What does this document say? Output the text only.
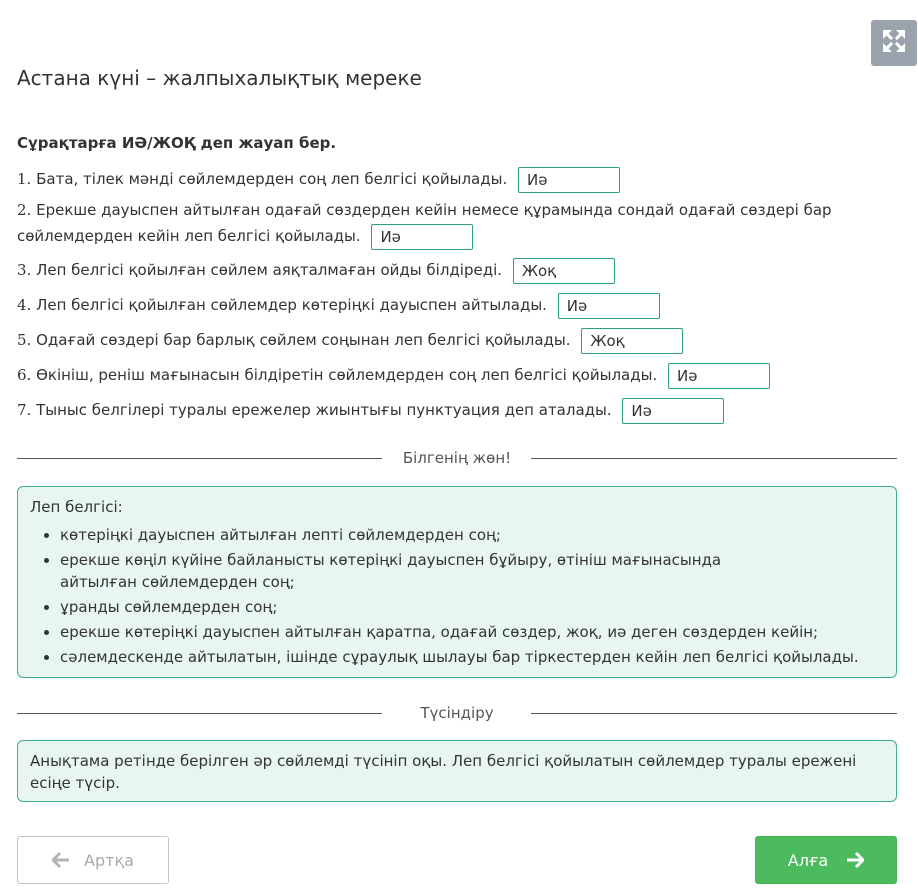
Астана күні – жалпыхалықтық мереке
Сұрақтарға ИӘ/ЖОҚ деп жауап бер.
1. Бата, тілек мәнді сөйлемдерден соң леп белгісі қойылады. Иә
2. Ерекше дауыспен айтылған одағай сөздерден кейін немесе құрамында сондай одағай сөздері бар
сөйлемдерден кейін леп белгісі қойылады. Иә
3. Леп белгісі қойылған сөйлем аяқталмаған ойды білдіреді. Жоқ
4. Леп белгісі қойылған сөйлемдер көтеріңкі дауыспен айтылады. Иә
5. Одағай сөздері бар барлық сөйлем соңынан леп белгісі қойылады. Жоқ
6. Өкініш, реніш мағынасын білдіретін сөйлемдерден соң леп белгісі қойылады. Иә
7. Тыныс белгілері туралы ережелер жиынтығы пунктуация деп аталады. Иә
Білгенің жөн!
Леп белгісі:
• көтеріңкі дауыспен айтылған лепті сөйлемдерден соң;
• ерекше көңіл күйіне байланысты көтеріңкі дауыспен бұйыру, өтініш мағынасында айтылған сөйлемдерден соң;
• ұранды сөйлемдерден соң;
• ерекше көтеріңкі дауыспен айтылған қаратпа, одағай сөздер, жоқ, иә деген сөздерден кейін;
• сәлемдескенде айтылатын, ішінде сұраулық шылауы бар тіркестерден кейін леп белгісі қойылады.
Түсіндіру
Анықтама ретінде берілген әр сөйлемді түсініп оқы. Леп белгісі қойылатын сөйлемдер туралы ережені есіңе түсір.
Артқа	Алға
